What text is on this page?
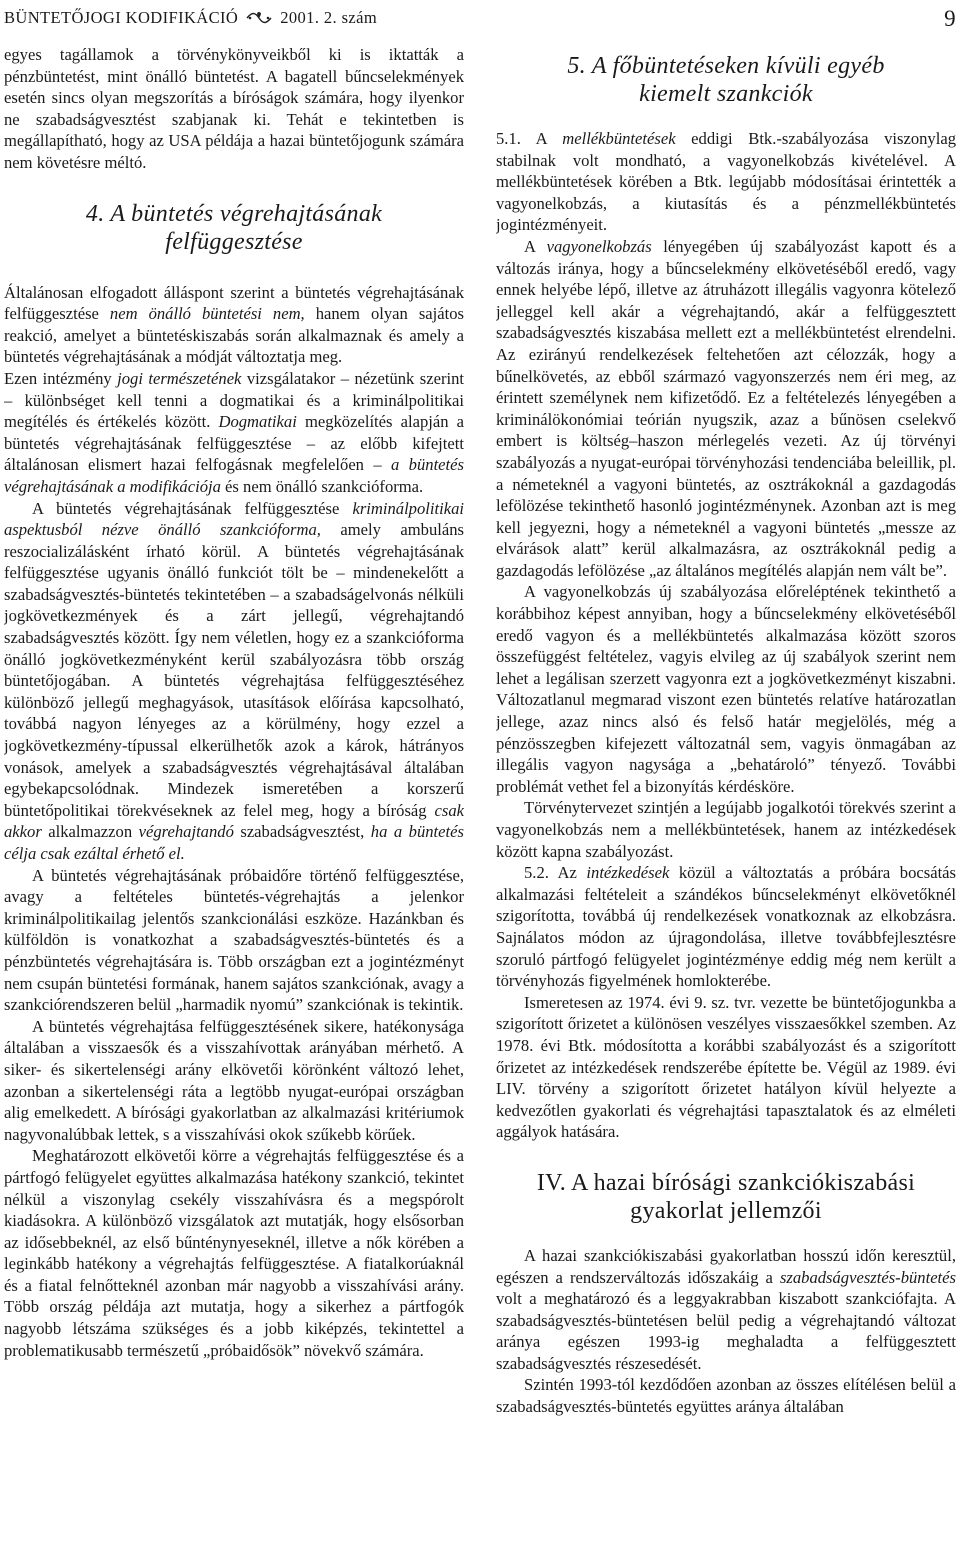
BÜNTETŐJOGI KODIFIKÁCIÓ	2001. 2. szám	9

egyes tagállamok a törvénykönyveikből ki is iktatták a pénzbüntetést, mint önálló büntetést. A bagatell bűncselekmények esetén sincs olyan megszorítás a bíróságok számára, hogy ilyenkor ne szabadságvesztést szabjanak ki. Tehát e tekintetben is megállapítható, hogy az USA példája a hazai büntetőjogunk számára nem követésre méltó.

4. A büntetés végrehajtásának
felfüggesztése

Általánosan elfogadott álláspont szerint a büntetés végrehajtásának felfüggesztése nem önálló büntetési nem, hanem olyan sajátos reakció, amelyet a büntetéskiszabás során alkalmaznak és amely a büntetés végrehajtásának a módját változtatja meg.

Ezen intézmény jogi természetének vizsgálatakor – nézetünk szerint – különbséget kell tenni a dogmatikai és a kriminálpolitikai megítélés és értékelés között. Dogmatikai megközelítés alapján a büntetés végrehajtásának felfüggesztése – az előbb kifejtett általánosan elismert hazai felfogásnak megfelelően – a büntetés végrehajtásának a modifikációja és nem önálló szankcióforma.

A büntetés végrehajtásának felfüggesztése kriminálpolitikai aspektusból nézve önálló szankcióforma, amely ambuláns reszocializálásként írható körül. A büntetés végrehajtásának felfüggesztése ugyanis önálló funkciót tölt be – mindenekelőtt a szabadságvesztés-büntetés tekintetében – a szabadságelvonás nélküli jogkövetkezmények és a zárt jellegű, végrehajtandó szabadságvesztés között. Így nem véletlen, hogy ez a szankcióforma önálló jogkövetkezményként kerül szabályozásra több ország büntetőjogában. A büntetés végrehajtása felfüggesztéséhez különböző jellegű meghagyások, utasítások előírása kapcsolható, továbbá nagyon lényeges az a körülmény, hogy ezzel a jogkövetkezmény-típussal elkerülhetők azok a károk, hátrányos vonások, amelyek a szabadságvesztés végrehajtásával általában egybekapcsolódnak. Mindezek ismeretében a korszerű büntetőpolitikai törekvéseknek az felel meg, hogy a bíróság csak akkor alkalmazzon végrehajtandó szabadságvesztést, ha a büntetés célja csak ezáltal érhető el.

A büntetés végrehajtásának próbaidőre történő felfüggesztése, avagy a feltételes büntetés-végrehajtás a jelenkor kriminálpolitikailag jelentős szankcionálási eszköze. Hazánkban és külföldön is vonatkozhat a szabadságvesztés-büntetés és a pénzbüntetés végrehajtására is. Több országban ezt a jogintézményt nem csupán büntetési formának, hanem sajátos szankciónak, avagy a szankciórendszeren belül „harmadik nyomú” szankciónak is tekintik.

A büntetés végrehajtása felfüggesztésének sikere, hatékonysága általában a visszaesők és a visszahívottak arányában mérhető. A siker- és sikertelenségi arány elkövetői körönként változó lehet, azonban a sikertelenségi ráta a legtöbb nyugat-európai országban alig emelkedett. A bírósági gyakorlatban az alkalmazási kritériumok nagyvonalúbbak lettek, s a visszahívási okok szűkebb körűek.

Meghatározott elkövetői körre a végrehajtás felfüggesztése és a pártfogó felügyelet együttes alkalmazása hatékony szankció, tekintet nélkül a viszonylag csekély visszahívásra és a megspórolt kiadásokra. A különböző vizsgálatok azt mutatják, hogy elsősorban az idősebbeknél, az első bűnténynyeseknél, illetve a nők körében a leginkább hatékony a végrehajtás felfüggesztése. A fiatalkorúaknál és a fiatal felnőtteknél azonban már nagyobb a visszahívási arány. Több ország példája azt mutatja, hogy a sikerhez a pártfogók nagyobb létszáma szükséges és a jobb kiképzés, tekintettel a problematikusabb természetű „próbaidősök” növekvő számára.

5. A főbüntetéseken kívüli egyéb
kiemelt szankciók

5.1. A mellékbüntetések eddigi Btk.-szabályozása viszonylag stabilnak volt mondható, a vagyonelkobzás kivételével. A mellékbüntetések körében a Btk. legújabb módosításai érintették a vagyonelkobzás, a kiutasítás és a pénzmellékbüntetés jogintézményeit.

A vagyonelkobzás lényegében új szabályozást kapott és a változás iránya, hogy a bűncselekmény elkövetéséből eredő, vagy ennek helyébe lépő, illetve az átruházott illegális vagyonra kötelező jelleggel kell akár a végrehajtandó, akár a felfüggesztett szabadságvesztés kiszabása mellett ezt a mellékbüntetést elrendelni. Az ezirányú rendelkezések feltehetően azt célozzák, hogy a bűnelkövetés, az ebből származó vagyonszerzés nem éri meg, az érintett személynek nem kifizetődő. Ez a feltételezés lényegében a kriminálökonómiai teórián nyugszik, azaz a bűnösen cselekvő embert is költség–haszon mérlegelés vezeti. Az új törvényi szabályozás a nyugat-európai törvényhozási tendenciába beleillik, pl. a németeknél a vagyoni büntetés, az osztrákoknál a gazdagodás lefölözése tekinthető hasonló jogintézménynek. Azonban azt is meg kell jegyezni, hogy a németeknél a vagyoni büntetés „messze az elvárások alatt” kerül alkalmazásra, az osztrákoknál pedig a gazdagodás lefölözése „az általános megítélés alapján nem vált be”.

A vagyonelkobzás új szabályozása előreléptének tekinthető a korábbihoz képest annyiban, hogy a bűncselekmény elkövetéséből eredő vagyon és a mellékbüntetés alkalmazása között szoros összefüggést feltételez, vagyis elvileg az új szabályok szerint nem lehet a legálisan szerzett vagyonra ezt a jogkövetkezményt kiszabni. Változatlanul megmarad viszont ezen büntetés relatíve határozatlan jellege, azaz nincs alsó és felső határ megjelölés, még a pénzösszegben kifejezett változatnál sem, vagyis önmagában az illegális vagyon nagysága a „behatároló” tényező. További problémát vethet fel a bizonyítás kérdésköre.

Törvénytervezet szintjén a legújabb jogalkotói törekvés szerint a vagyonelkobzás nem a mellékbüntetések, hanem az intézkedések között kapna szabályozást.

5.2. Az intézkedések közül a változtatás a próbára bocsátás alkalmazási feltételeit a szándékos bűncselekményt elkövetőknél szigorította, továbbá új rendelkezések vonatkoznak az elkobzásra. Sajnálatos módon az újragondolása, illetve továbbfejlesztésre szoruló pártfogó felügyelet jogintézménye eddig még nem került a törvényhozás figyelmének homlokterébe.

Ismeretesen az 1974. évi 9. sz. tvr. vezette be büntetőjogunkba a szigorított őrizetet a különösen veszélyes visszaesőkkel szemben. Az 1978. évi Btk. módosította a korábbi szabályozást és a szigorított őrizetet az intézkedések rendszerébe építette be. Végül az 1989. évi LIV. törvény a szigorított őrizetet hatályon kívül helyezte a kedvezőtlen gyakorlati és végrehajtási tapasztalatok és az elméleti aggályok hatására.

IV. A hazai bírósági szankciókiszabási
gyakorlat jellemzői

A hazai szankciókiszabási gyakorlatban hosszú időn keresztül, egészen a rendszerváltozás időszakáig a szabadságvesztés-büntetés volt a meghatározó és a leggyakrabban kiszabott szankciófajta. A szabadságvesztés-büntetésen belül pedig a végrehajtandó változat aránya egészen 1993-ig meghaladta a felfüggesztett szabadságvesztés részesedését.

Szintén 1993-tól kezdődően azonban az összes elítélésen belül a szabadságvesztés-büntetés együttes aránya általában
